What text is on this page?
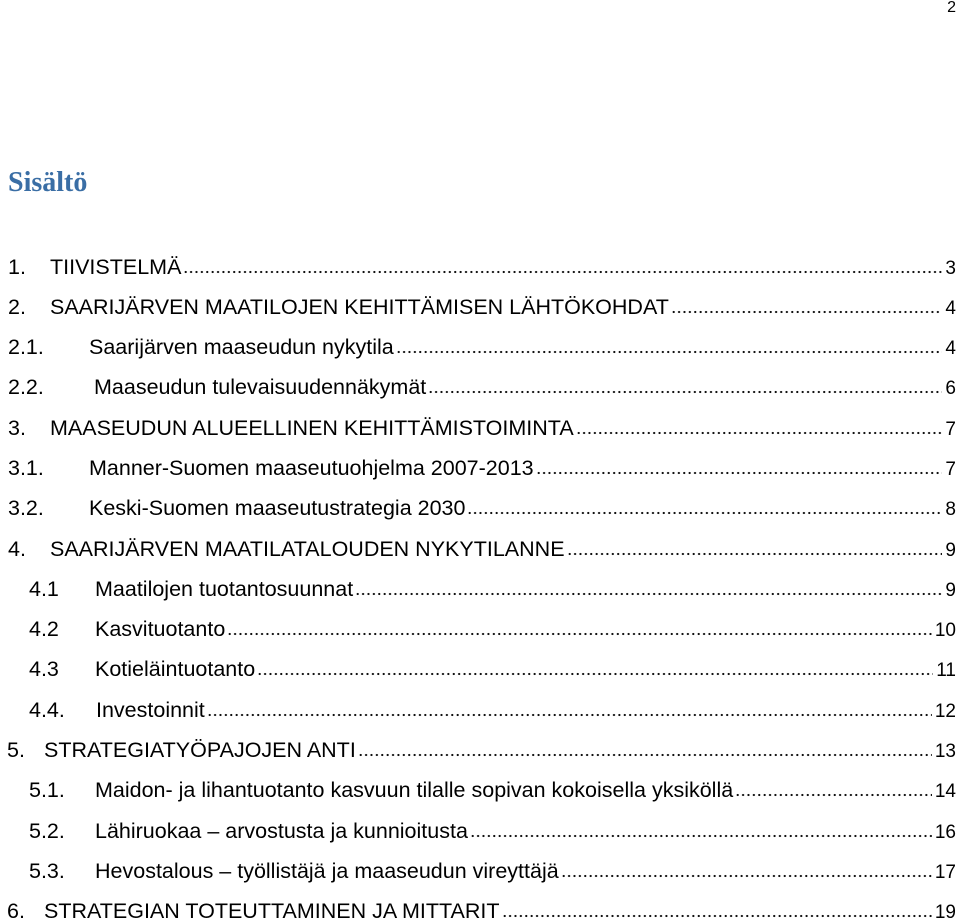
2
Sisältö
1. TIIVISTELMÄ	3
2. SAARIJÄRVEN MAATILOJEN KEHITTÄMISEN LÄHTÖKOHDAT	4
2.1. Saarijärven maaseudun nykytila	4
2.2. Maaseudun tulevaisuudennäkymät	6
3. MAASEUDUN ALUEELLINEN KEHITTÄMISTOIMINTA	7
3.1. Manner-Suomen maaseutuohjelma 2007-2013	7
3.2. Keski-Suomen maaseutustrategia 2030	8
4. SAARIJÄRVEN MAATILATALOUDEN NYKYTILANNE	9
4.1 Maatilojen tuotantosuunnat	9
4.2 Kasvituotanto	10
4.3 Kotieläintuotanto	11
4.4. Investoinnit	12
5. STRATEGIATYÖPAJOJEN ANTI	13
5.1. Maidon- ja lihantuotanto kasvuun tilalle sopivan kokoisella yksiköllä	14
5.2. Lähiruokaa – arvostusta ja kunnioitusta	16
5.3. Hevostalous – työllistäjä ja maaseudun vireyttäjä	17
6. STRATEGIAN TOTEUTTAMINEN JA MITTARIT	19
